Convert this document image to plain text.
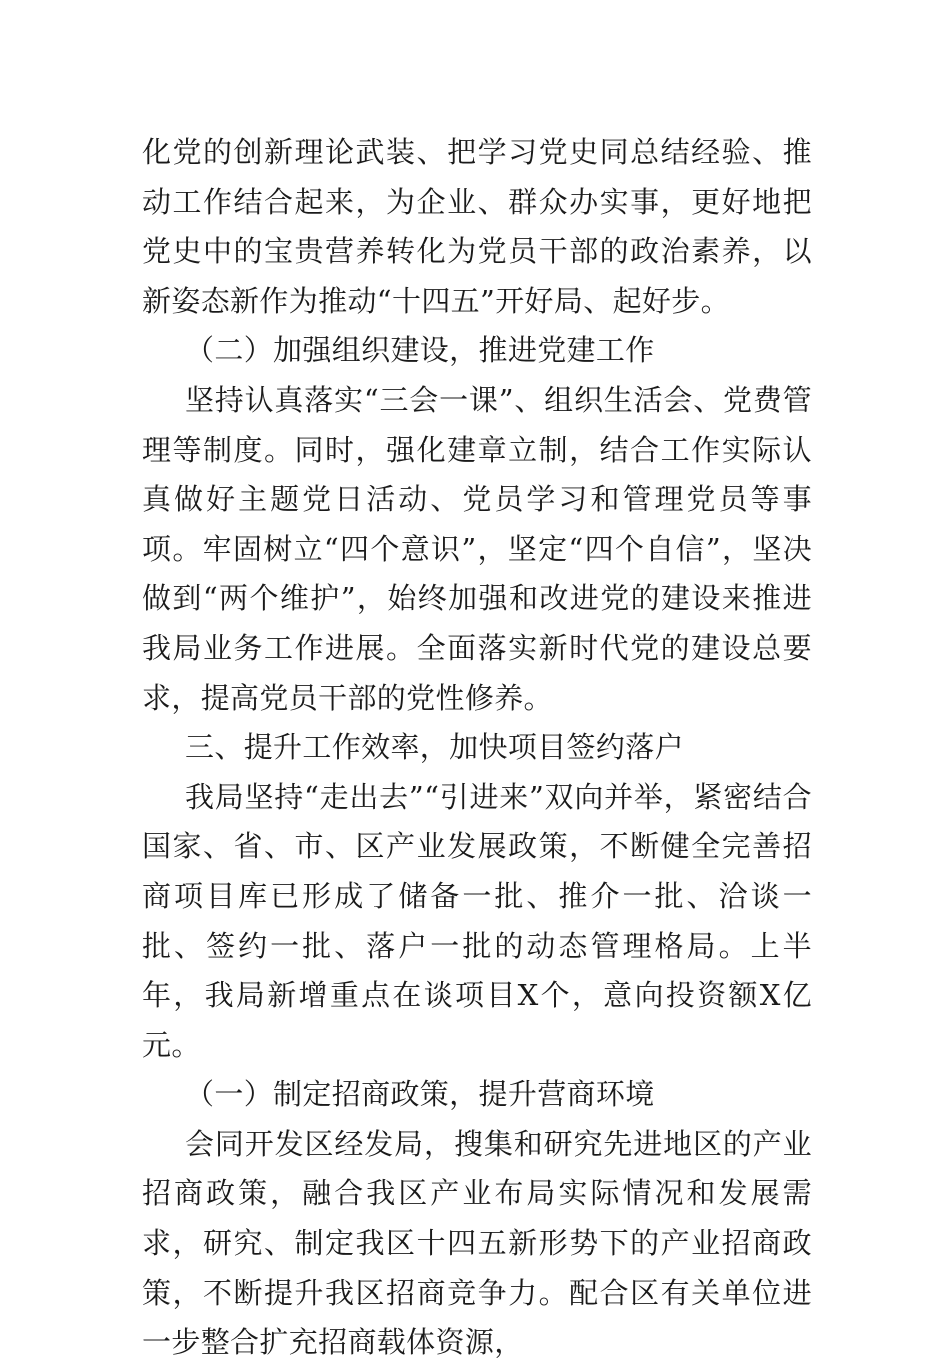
化党的创新理论武装、把学习党史同总结经验、推动工作结合起来，为企业、群众办实事，更好地把党史中的宝贵营养转化为党员干部的政治素养，以新姿态新作为推动“十四五”开好局、起好步。

（二）加强组织建设，推进党建工作

坚持认真落实“三会一课”、组织生活会、党费管理等制度。同时，强化建章立制，结合工作实际认真做好主题党日活动、党员学习和管理党员等事项。牢固树立“四个意识”，坚定“四个自信”，坚决做到“两个维护”，始终加强和改进党的建设来推进我局业务工作进展。全面落实新时代党的建设总要求，提高党员干部的党性修养。

三、提升工作效率，加快项目签约落户

我局坚持“走出去”“引进来”双向并举，紧密结合国家、省、市、区产业发展政策，不断健全完善招商项目库已形成了储备一批、推介一批、洽谈一批、签约一批、落户一批的动态管理格局。上半年，我局新增重点在谈项目X个，意向投资额X亿元。

（一）制定招商政策，提升营商环境

会同开发区经发局，搜集和研究先进地区的产业招商政策，融合我区产业布局实际情况和发展需求，研究、制定我区十四五新形势下的产业招商政策，不断提升我区招商竞争力。配合区有关单位进一步整合扩充招商载体资源，
